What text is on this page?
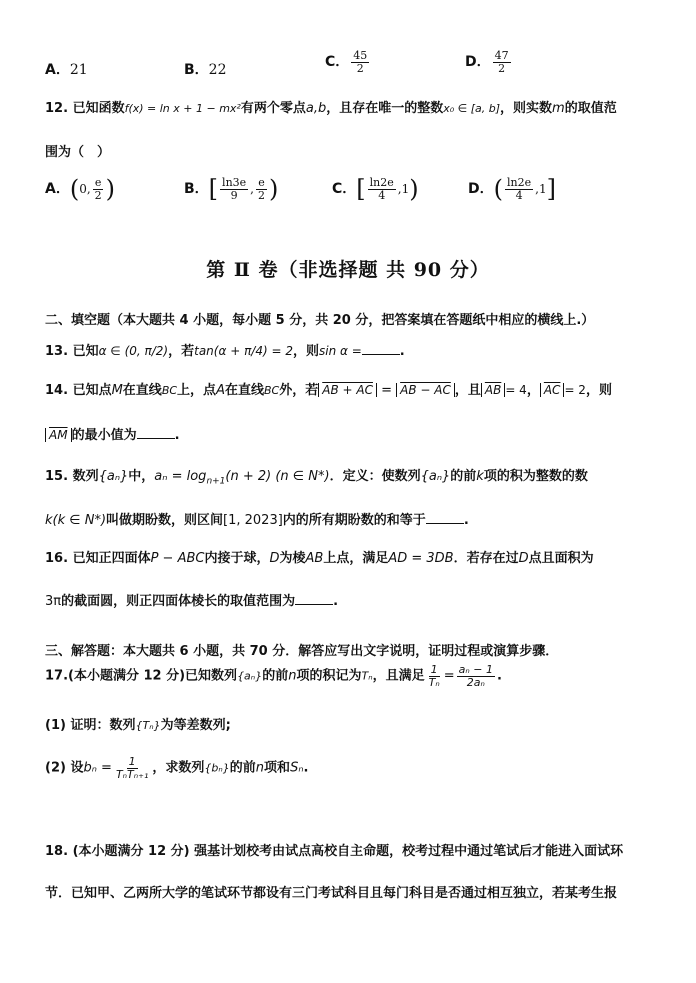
A．21	B．22	C． $\frac{45}{2}$	D． $\frac{47}{2}$
12. 已知函数f(x) = ln x + 1 − mx²有两个零点a,b，且存在唯一的整数x₀ ∈ [a, b]，则实数m的取值范
围为（　）
A．(0, $\frac{e}{2}$ )	B．[ $\frac{\ln 3e}{9}$ , $\frac{e}{2}$ )	C．[ $\frac{\ln 2e}{4} ,1$)	D．( $\frac{\ln 2e}{4} ,1$]
第 Ⅱ 卷（非选择题 共 90 分）
二、填空题（本大题共 4 小题，每小题 5 分，共 20 分，把答案填在答题纸中相应的横线上.）
13. 已知α ∈ (0, π/2)，若tan(α + π/4) = 2，则sin α =	.
14. 已知点M在直线BC上，点A在直线BC外，若 AB + AC = AB − AC ，且 $\overline{AB} = 4$， $\overline{AC} = 2$，则
$\overline{AM}$ 的最小值为	.
15. 数列{aₙ}中，$a_n = \log_{n+1}(n + 2)$ (n ∈ N*)．定义：使数列{aₙ}的前k项的积为整数的数
k(k ∈ N*)叫做期盼数，则区间[1, 2023]内的所有期盼数的和等于	.
16. 已知正四面体P − ABC内接于球，D为棱AB上点，满足AD = 3DB．若存在过D点且面积为
3π的截面圆，则正四面体棱长的取值范围为	.
三、解答题：本大题共 6 小题，共 70 分．解答应写出文字说明，证明过程或演算步骤．
17.(本小题满分 12 分)已知数列{aₙ}的前n项的积记为Tₙ，且满足 $\frac{1}{\text{Tₙ}} = \frac{\text{aₙ − 1}}{\text{2aₙ}}$ .
(1) 证明：数列{Tₙ}为等差数列;
(2) 设$b_n = \frac{1}{\text{TₙTₙ₊₁}}$ ，求数列{bₙ}的前n项和Sₙ.
18. (本小题满分 12 分) 强基计划校考由试点高校自主命题，校考过程中通过笔试后才能进入面试环
节．已知甲、乙两所大学的笔试环节都设有三门考试科目且每门科目是否通过相互独立，若某考生报
